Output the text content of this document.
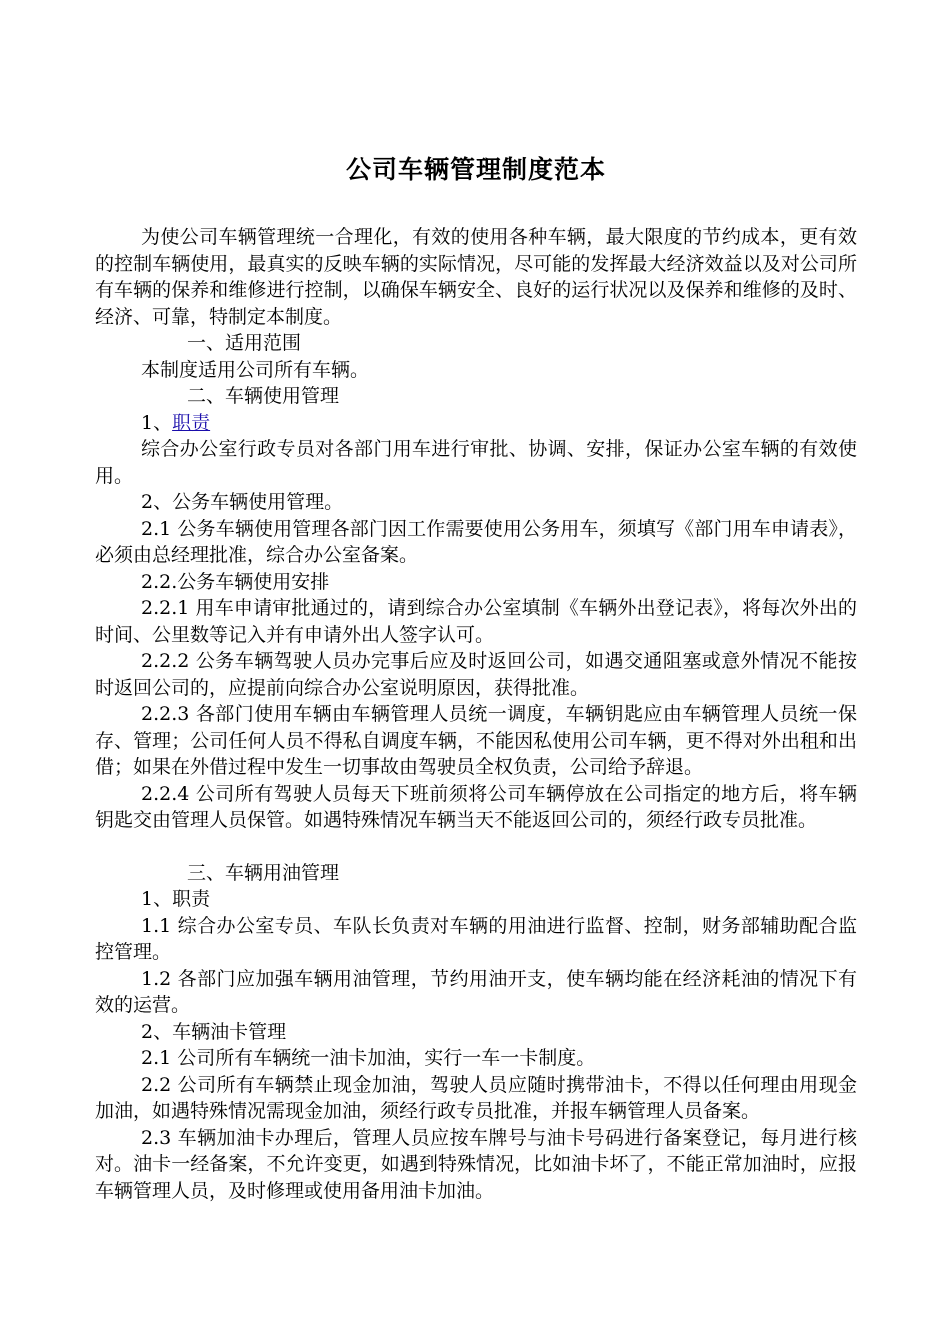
公司车辆管理制度范本

为使公司车辆管理统一合理化，有效的使用各种车辆，最大限度的节约成本，更有效的控制车辆使用，最真实的反映车辆的实际情况，尽可能的发挥最大经济效益以及对公司所有车辆的保养和维修进行控制，以确保车辆安全、良好的运行状况以及保养和维修的及时、经济、可靠，特制定本制度。

一、适用范围

本制度适用公司所有车辆。

二、车辆使用管理

1、职责

综合办公室行政专员对各部门用车进行审批、协调、安排，保证办公室车辆的有效使用。

2、公务车辆使用管理。

2.1 公务车辆使用管理各部门因工作需要使用公务用车，须填写《部门用车申请表》，必须由总经理批准，综合办公室备案。

2.2.公务车辆使用安排

2.2.1 用车申请审批通过的，请到综合办公室填制《车辆外出登记表》，将每次外出的时间、公里数等记入并有申请外出人签字认可。

2.2.2 公务车辆驾驶人员办完事后应及时返回公司，如遇交通阻塞或意外情况不能按时返回公司的，应提前向综合办公室说明原因，获得批准。

2.2.3 各部门使用车辆由车辆管理人员统一调度，车辆钥匙应由车辆管理人员统一保存、管理；公司任何人员不得私自调度车辆，不能因私使用公司车辆，更不得对外出租和出借；如果在外借过程中发生一切事故由驾驶员全权负责，公司给予辞退。

2.2.4 公司所有驾驶人员每天下班前须将公司车辆停放在公司指定的地方后，将车辆钥匙交由管理人员保管。如遇特殊情况车辆当天不能返回公司的，须经行政专员批准。

三、车辆用油管理

1、职责

1.1 综合办公室专员、车队长负责对车辆的用油进行监督、控制，财务部辅助配合监控管理。

1.2 各部门应加强车辆用油管理，节约用油开支，使车辆均能在经济耗油的情况下有效的运营。

2、车辆油卡管理

2.1 公司所有车辆统一油卡加油，实行一车一卡制度。

2.2 公司所有车辆禁止现金加油，驾驶人员应随时携带油卡，不得以任何理由用现金加油，如遇特殊情况需现金加油，须经行政专员批准，并报车辆管理人员备案。

2.3 车辆加油卡办理后，管理人员应按车牌号与油卡号码进行备案登记，每月进行核对。油卡一经备案，不允许变更，如遇到特殊情况，比如油卡坏了，不能正常加油时，应报车辆管理人员，及时修理或使用备用油卡加油。
